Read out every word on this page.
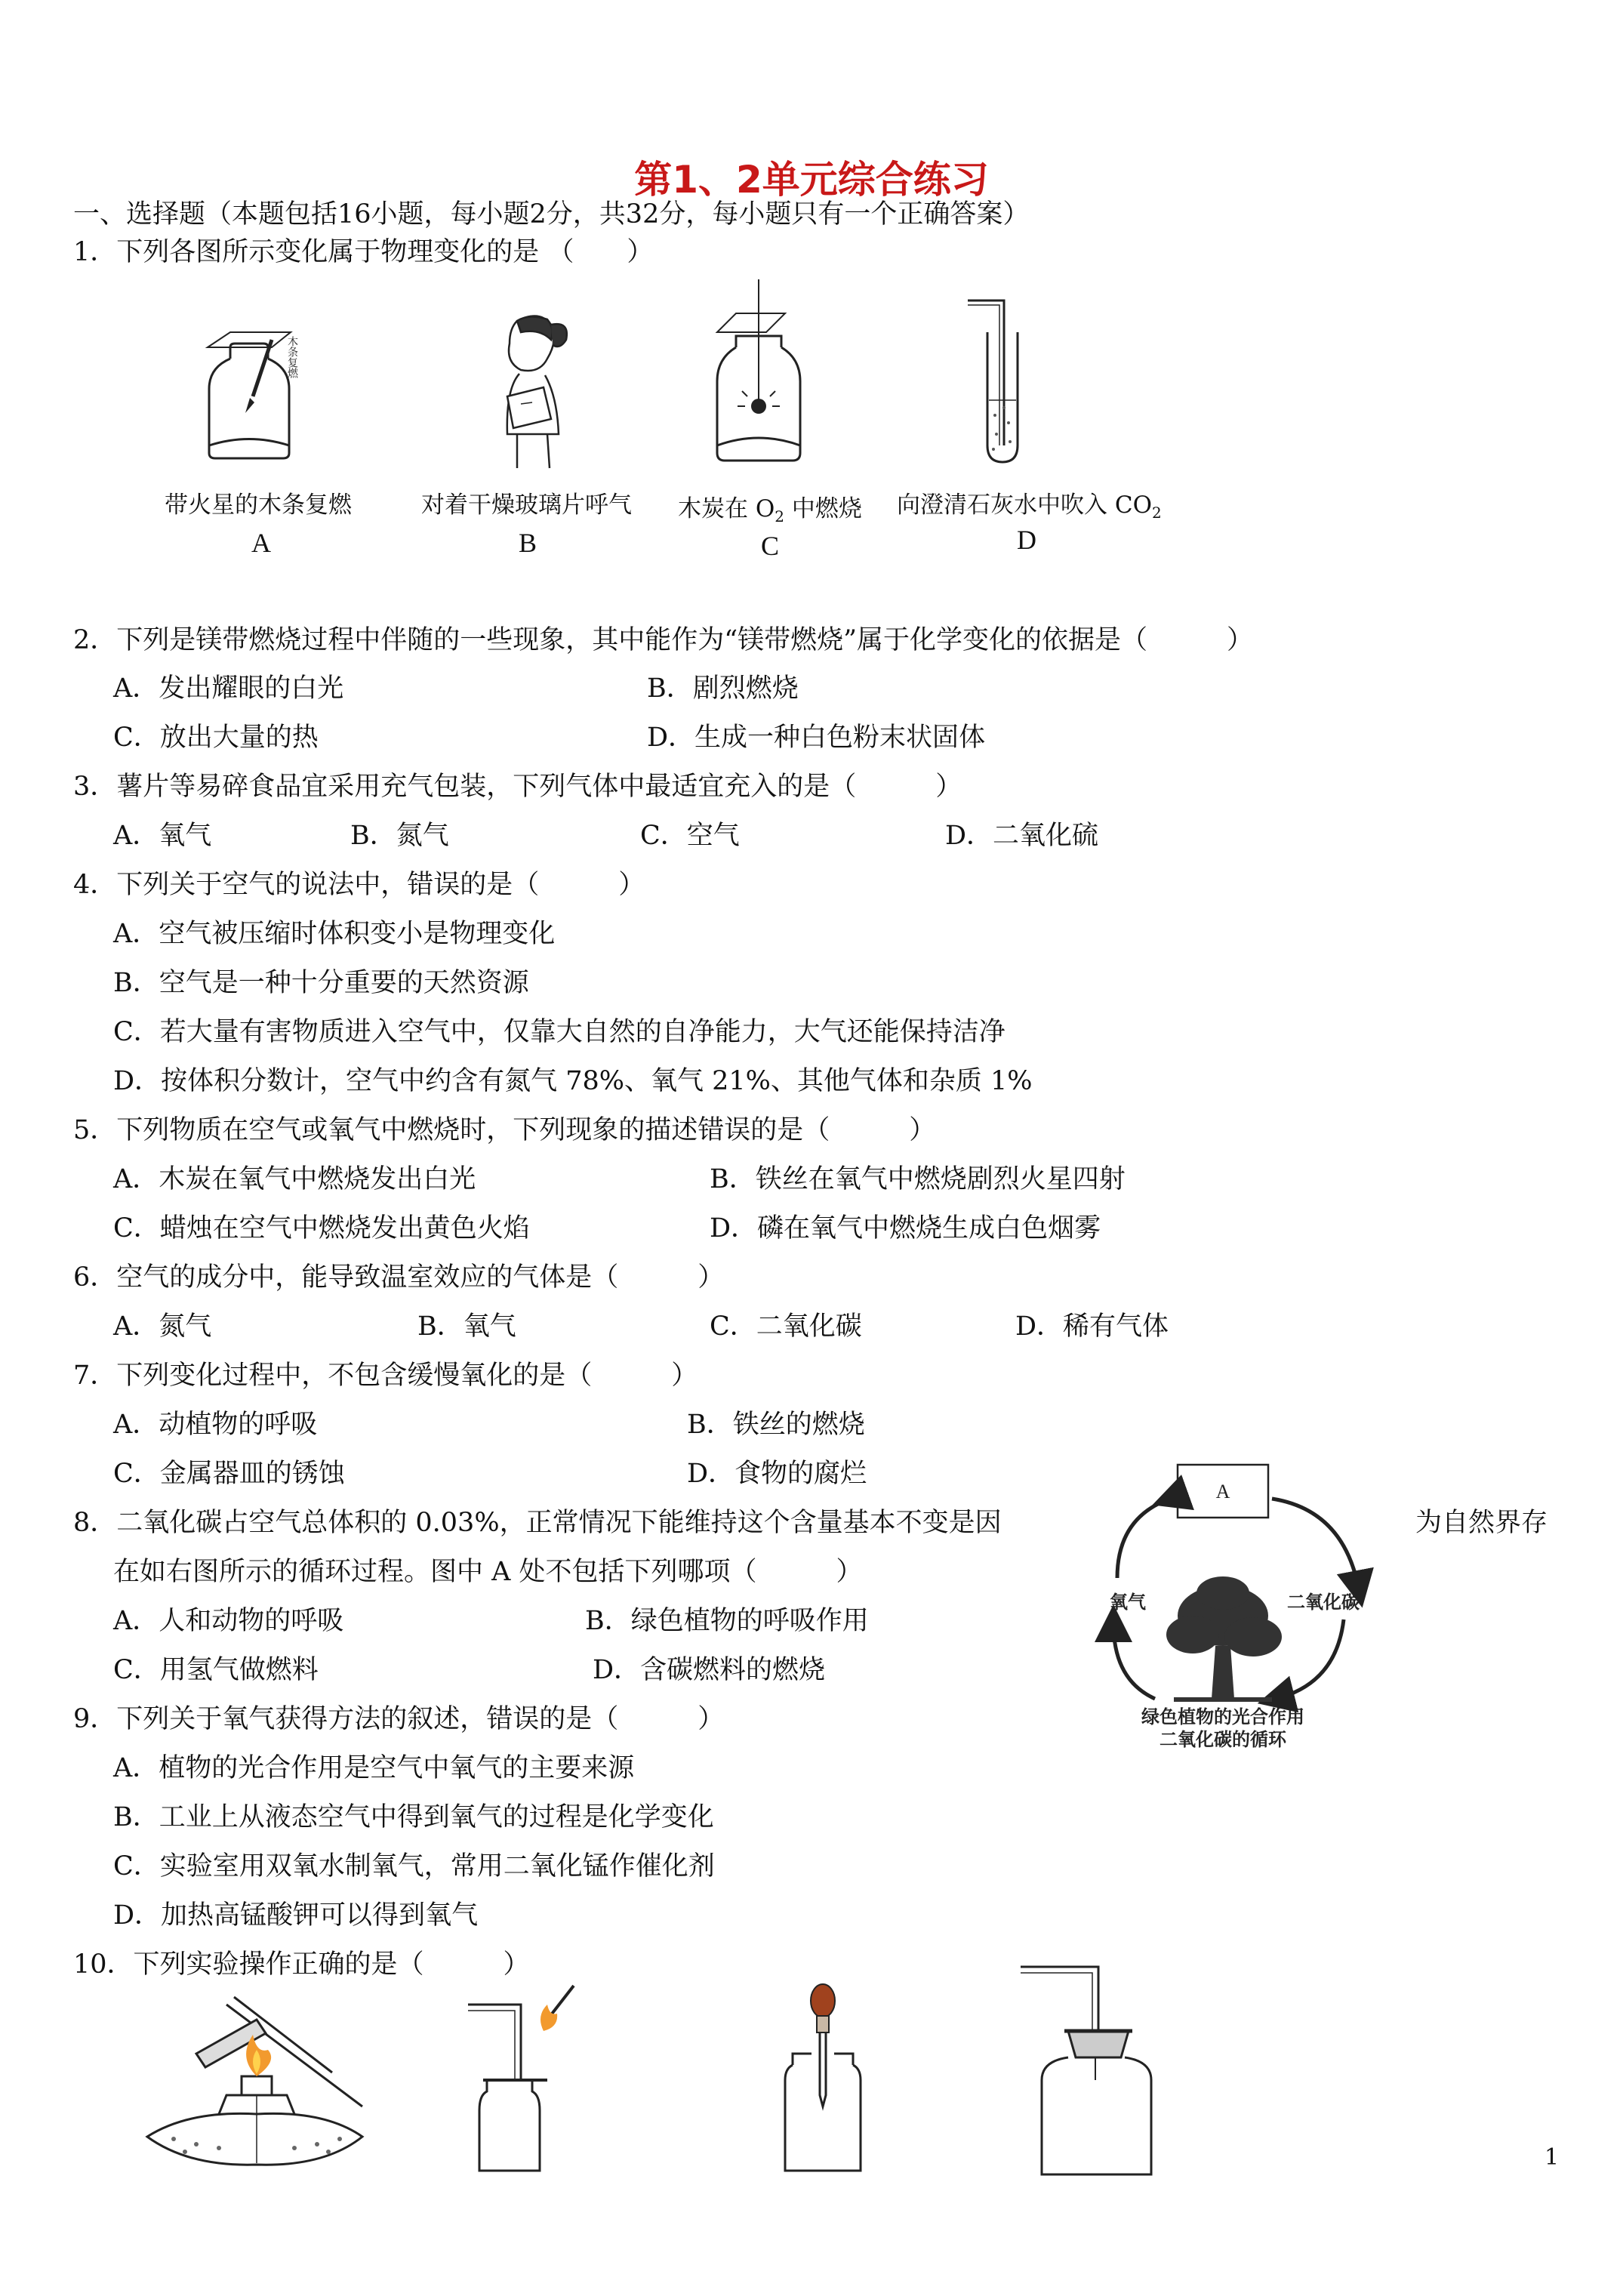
第1、2单元综合练习
一、选择题（本题包括16小题，每小题2分，共32分，每小题只有一个正确答案）
1．下列各图所示变化属于物理变化的是 （　　）
木条复燃
带火星的木条复燃
A
对着干燥玻璃片呼气
B
木炭在 $O_2$ 中燃烧
C
向澄清石灰水中吹入 $CO_2$
D
2．下列是镁带燃烧过程中伴随的一些现象，其中能作为“镁带燃烧”属于化学变化的依据是（　　　）
A．发出耀眼的白光	B．剧烈燃烧
C．放出大量的热	D．生成一种白色粉末状固体
3．薯片等易碎食品宜采用充气包装，下列气体中最适宜充入的是（　　　）
A．氧气	B．氮气	C．空气	D．二氧化硫
4．下列关于空气的说法中，错误的是（　　　）
A．空气被压缩时体积变小是物理变化
B．空气是一种十分重要的天然资源
C．若大量有害物质进入空气中，仅靠大自然的自净能力，大气还能保持洁净
D．按体积分数计，空气中约含有氮气 78%、氧气 21%、其他气体和杂质 1%
5．下列物质在空气或氧气中燃烧时，下列现象的描述错误的是（　　　）
A．木炭在氧气中燃烧发出白光	B．铁丝在氧气中燃烧剧烈火星四射
C．蜡烛在空气中燃烧发出黄色火焰	D．磷在氧气中燃烧生成白色烟雾
6．空气的成分中，能导致温室效应的气体是（　　　）
A．氮气	B．氧气	C．二氧化碳	D．稀有气体
7．下列变化过程中，不包含缓慢氧化的是（　　　）
A．动植物的呼吸	B．铁丝的燃烧
C．金属器皿的锈蚀	D．食物的腐烂
8．二氧化碳占空气总体积的 0.03%，正常情况下能维持这个含量基本不变是因	为自然界存
在如右图所示的循环过程。图中 A 处不包括下列哪项（　　　）
A．人和动物的呼吸	B．绿色植物的呼吸作用
C．用氢气做燃料	D．含碳燃料的燃烧
A
氧气	二氧化碳
绿色植物的光合作用
二氧化碳的循环
9．下列关于氧气获得方法的叙述，错误的是（　　　）
A．植物的光合作用是空气中氧气的主要来源
B．工业上从液态空气中得到氧气的过程是化学变化
C．实验室用双氧水制氧气，常用二氧化锰作催化剂
D．加热高锰酸钾可以得到氧气
10．下列实验操作正确的是（　　　）
1
